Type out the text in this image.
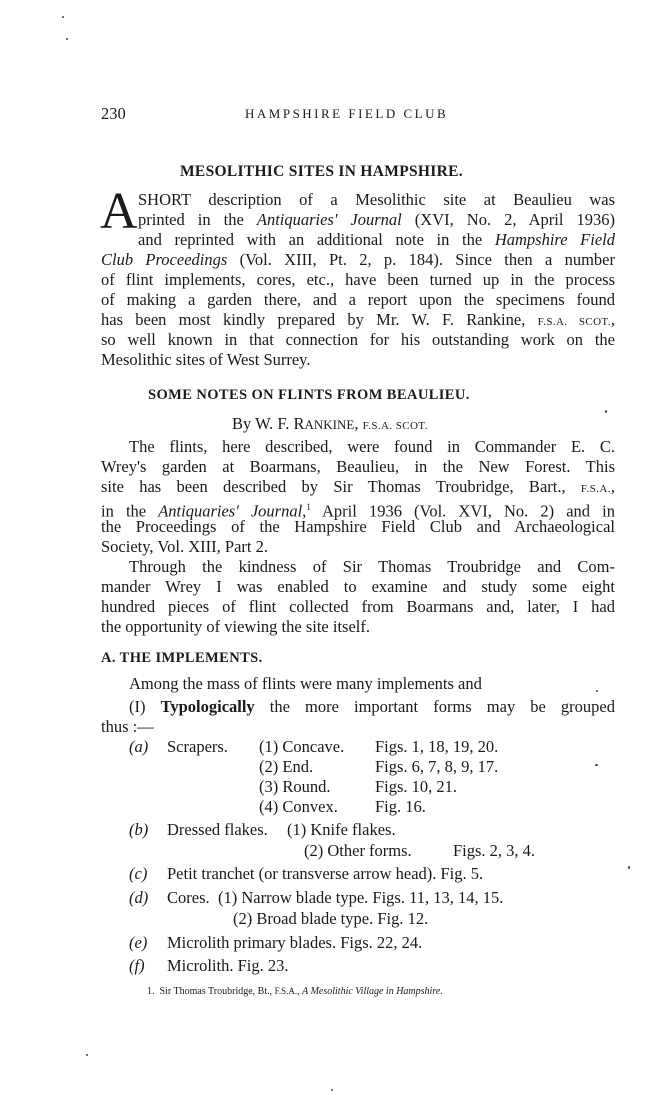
230	HAMPSHIRE FIELD CLUB
MESOLITHIC SITES IN HAMPSHIRE.
A SHORT description of a Mesolithic site at Beaulieu was
printed in the Antiquaries' Journal (XVI, No. 2, April 1936)
and reprinted with an additional note in the Hampshire Field
Club Proceedings (Vol. XIII, Pt. 2, p. 184). Since then a number
of flint implements, cores, etc., have been turned up in the process
of making a garden there, and a report upon the specimens found
has been most kindly prepared by Mr. W. F. Rankine, F.S.A. SCOT.,
so well known in that connection for his outstanding work on the
Mesolithic sites of West Surrey.
SOME NOTES ON FLINTS FROM BEAULIEU.
By W. F. RANKINE, F.S.A. SCOT.
The flints, here described, were found in Commander E. C.
Wrey's garden at Boarmans, Beaulieu, in the New Forest. This
site has been described by Sir Thomas Troubridge, Bart., F.S.A.,
in the Antiquaries' Journal,$^1$ April 1936 (Vol. XVI, No. 2) and in
the Proceedings of the Hampshire Field Club and Archaeological
Society, Vol. XIII, Part 2.
Through the kindness of Sir Thomas Troubridge and Com-
mander Wrey I was enabled to examine and study some eight
hundred pieces of flint collected from Boarmans and, later, I had
the opportunity of viewing the site itself.
A. THE IMPLEMENTS.
Among the mass of flints were many implements and
(I) Typologically the more important forms may be grouped
thus :—
(a) Scrapers. (1) Concave. Figs. 1, 18, 19, 20.
(2) End.	Figs. 6, 7, 8, 9, 17.
(3) Round.	Figs. 10, 21.
(4) Convex. Fig. 16.
(b) Dressed flakes. (1) Knife flakes.
(2) Other forms.	Figs. 2, 3, 4.
(c) Petit tranchet (or transverse arrow head). Fig. 5.
(d) Cores. (1) Narrow blade type. Figs. 11, 13, 14, 15.
(2) Broad blade type. Fig. 12.
(e) Microlith primary blades. Figs. 22, 24.
(f) Microlith. Fig. 23.
1. Sir Thomas Troubridge, Bt., F.S.A., A Mesolithic Village in Hampshire.
